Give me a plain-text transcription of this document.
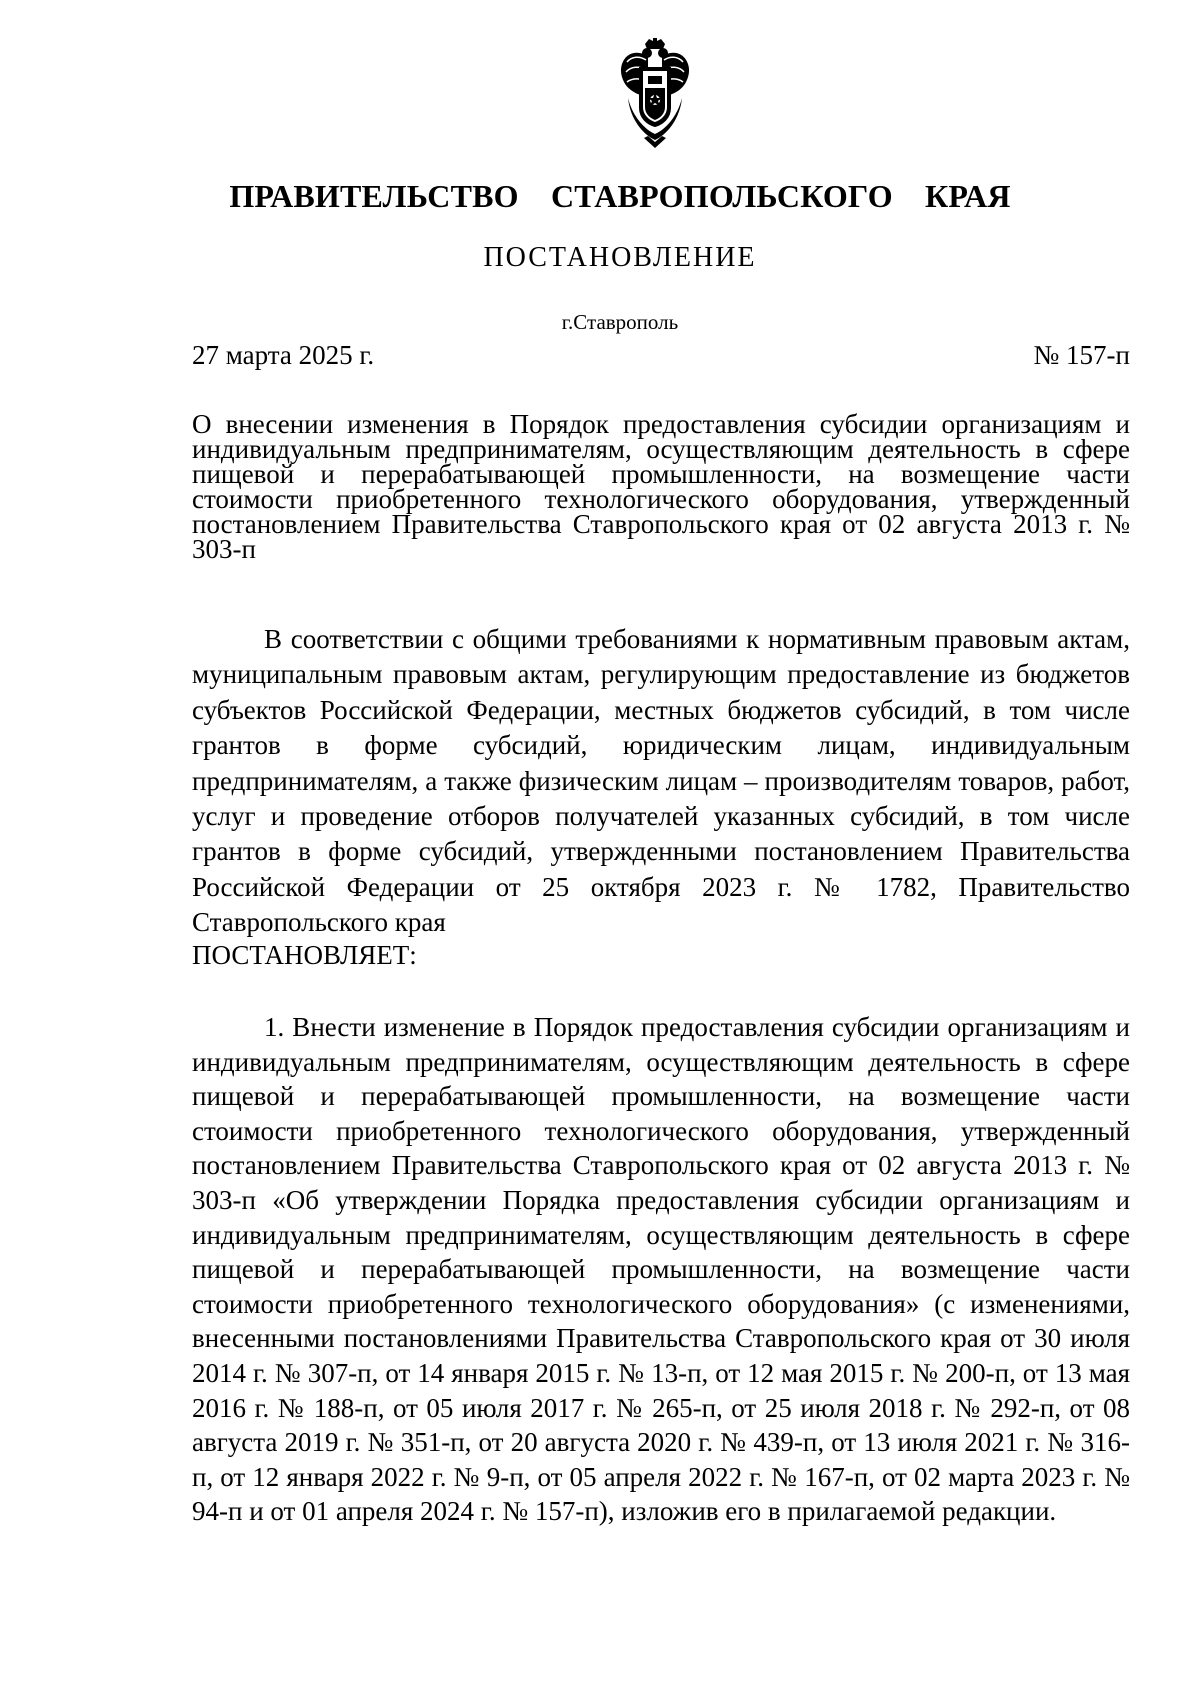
ПРАВИТЕЛЬСТВО СТАВРОПОЛЬСКОГО КРАЯ
ПОСТАНОВЛЕНИЕ
г.Ставрополь
27 марта 2025 г.	№ 157-п
О внесении изменения в Порядок предоставления субсидии организациям и индивидуальным предпринимателям, осуществляющим деятельность в сфере пищевой и перерабатывающей промышленности, на возмещение части стоимости приобретенного технологического оборудования, утвержденный постановлением Правительства Ставропольского края от 02 августа 2013 г. № 303-п
В соответствии с общими требованиями к нормативным правовым актам, муниципальным правовым актам, регулирующим предоставление из бюджетов субъектов Российской Федерации, местных бюджетов субсидий, в том числе грантов в форме субсидий, юридическим лицам, индивидуальным предпринимателям, а также физическим лицам – производителям товаров, работ, услуг и проведение отборов получателей указанных субсидий, в том числе грантов в форме субсидий, утвержденными постановлением Правительства Российской Федерации от 25 октября 2023 г. № 1782, Правительство Ставропольского края
ПОСТАНОВЛЯЕТ:
1. Внести изменение в Порядок предоставления субсидии организациям и индивидуальным предпринимателям, осуществляющим деятельность в сфере пищевой и перерабатывающей промышленности, на возмещение части стоимости приобретенного технологического оборудования, утвержденный постановлением Правительства Ставропольского края от 02 августа 2013 г. № 303-п «Об утверждении Порядка предоставления субсидии организациям и индивидуальным предпринимателям, осуществляющим деятельность в сфере пищевой и перерабатывающей промышленности, на возмещение части стоимости приобретенного технологического оборудования» (с изменениями, внесенными постановлениями Правительства Ставропольского края от 30 июля 2014 г. № 307-п, от 14 января 2015 г. № 13-п, от 12 мая 2015 г. № 200-п, от 13 мая 2016 г. № 188-п, от 05 июля 2017 г. № 265-п, от 25 июля 2018 г. № 292-п, от 08 августа 2019 г. № 351-п, от 20 августа 2020 г. № 439-п, от 13 июля 2021 г. № 316-п, от 12 января 2022 г. № 9-п, от 05 апреля 2022 г. № 167-п, от 02 марта 2023 г. № 94-п и от 01 апреля 2024 г. № 157-п), изложив его в прилагаемой редакции.
